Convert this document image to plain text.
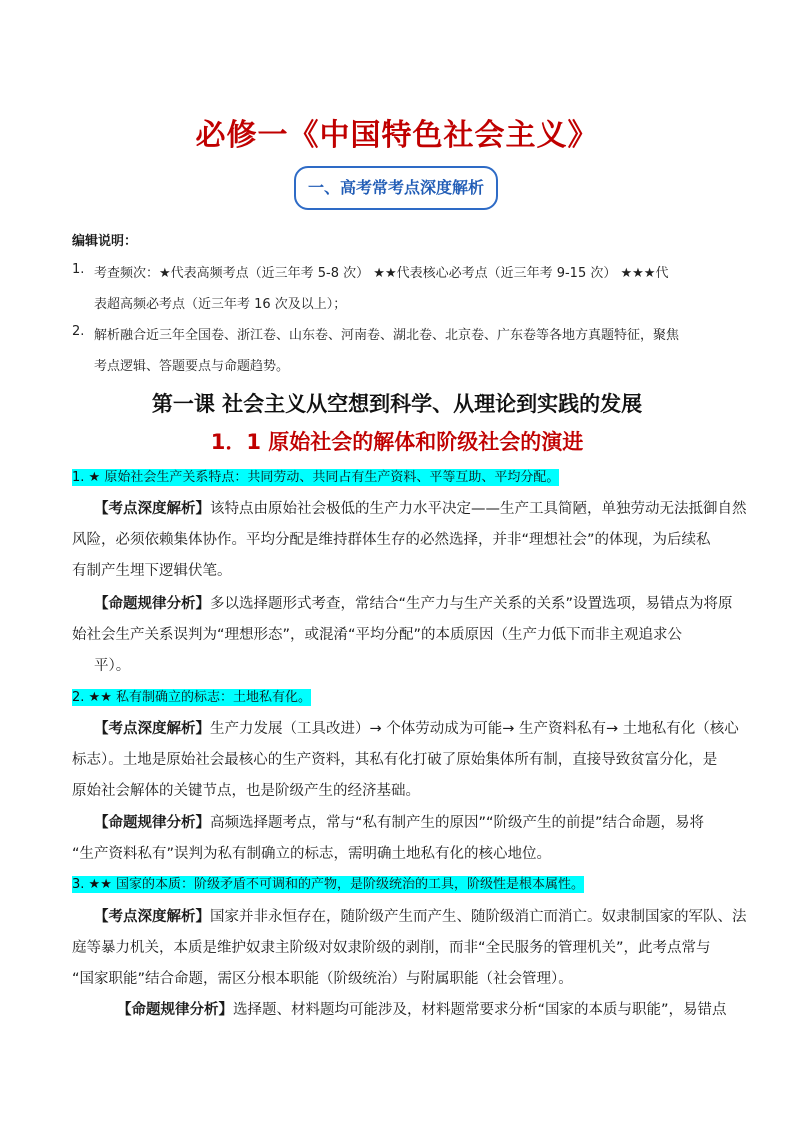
必修一《中国特色社会主义》
一、高考常考点深度解析
编辑说明：
1. 考查频次：★代表高频考点（近三年考 5-8 次） ★★代表核心必考点（近三年考 9-15 次） ★★★代
表超高频必考点（近三年考 16 次及以上）；
2. 解析融合近三年全国卷、浙江卷、山东卷、河南卷、湖北卷、北京卷、广东卷等各地方真题特征，聚焦
考点逻辑、答题要点与命题趋势。
第一课 社会主义从空想到科学、从理论到实践的发展
1．1 原始社会的解体和阶级社会的演进
1. ★ 原始社会生产关系特点：共同劳动、共同占有生产资料、平等互助、平均分配。
【考点深度解析】该特点由原始社会极低的生产力水平决定——生产工具简陋，单独劳动无法抵御自然
风险，必须依赖集体协作。平均分配是维持群体生存的必然选择，并非“理想社会”的体现，为后续私
有制产生埋下逻辑伏笔。
【命题规律分析】多以选择题形式考查，常结合“生产力与生产关系的关系”设置选项，易错点为将原
始社会生产关系误判为“理想形态”，或混淆“平均分配”的本质原因（生产力低下而非主观追求公
平）。
2. ★★ 私有制确立的标志：土地私有化。
【考点深度解析】生产力发展（工具改进）→ 个体劳动成为可能→ 生产资料私有→ 土地私有化（核心
标志）。土地是原始社会最核心的生产资料，其私有化打破了原始集体所有制，直接导致贫富分化，是
原始社会解体的关键节点，也是阶级产生的经济基础。
【命题规律分析】高频选择题考点，常与“私有制产生的原因”“阶级产生的前提”结合命题，易将
“生产资料私有”误判为私有制确立的标志，需明确土地私有化的核心地位。
3. ★★ 国家的本质：阶级矛盾不可调和的产物，是阶级统治的工具，阶级性是根本属性。
【考点深度解析】国家并非永恒存在，随阶级产生而产生、随阶级消亡而消亡。奴隶制国家的军队、法
庭等暴力机关，本质是维护奴隶主阶级对奴隶阶级的剥削，而非“全民服务的管理机关”，此考点常与
“国家职能”结合命题，需区分根本职能（阶级统治）与附属职能（社会管理）。
【命题规律分析】选择题、材料题均可能涉及，材料题常要求分析“国家的本质与职能”，易错点
